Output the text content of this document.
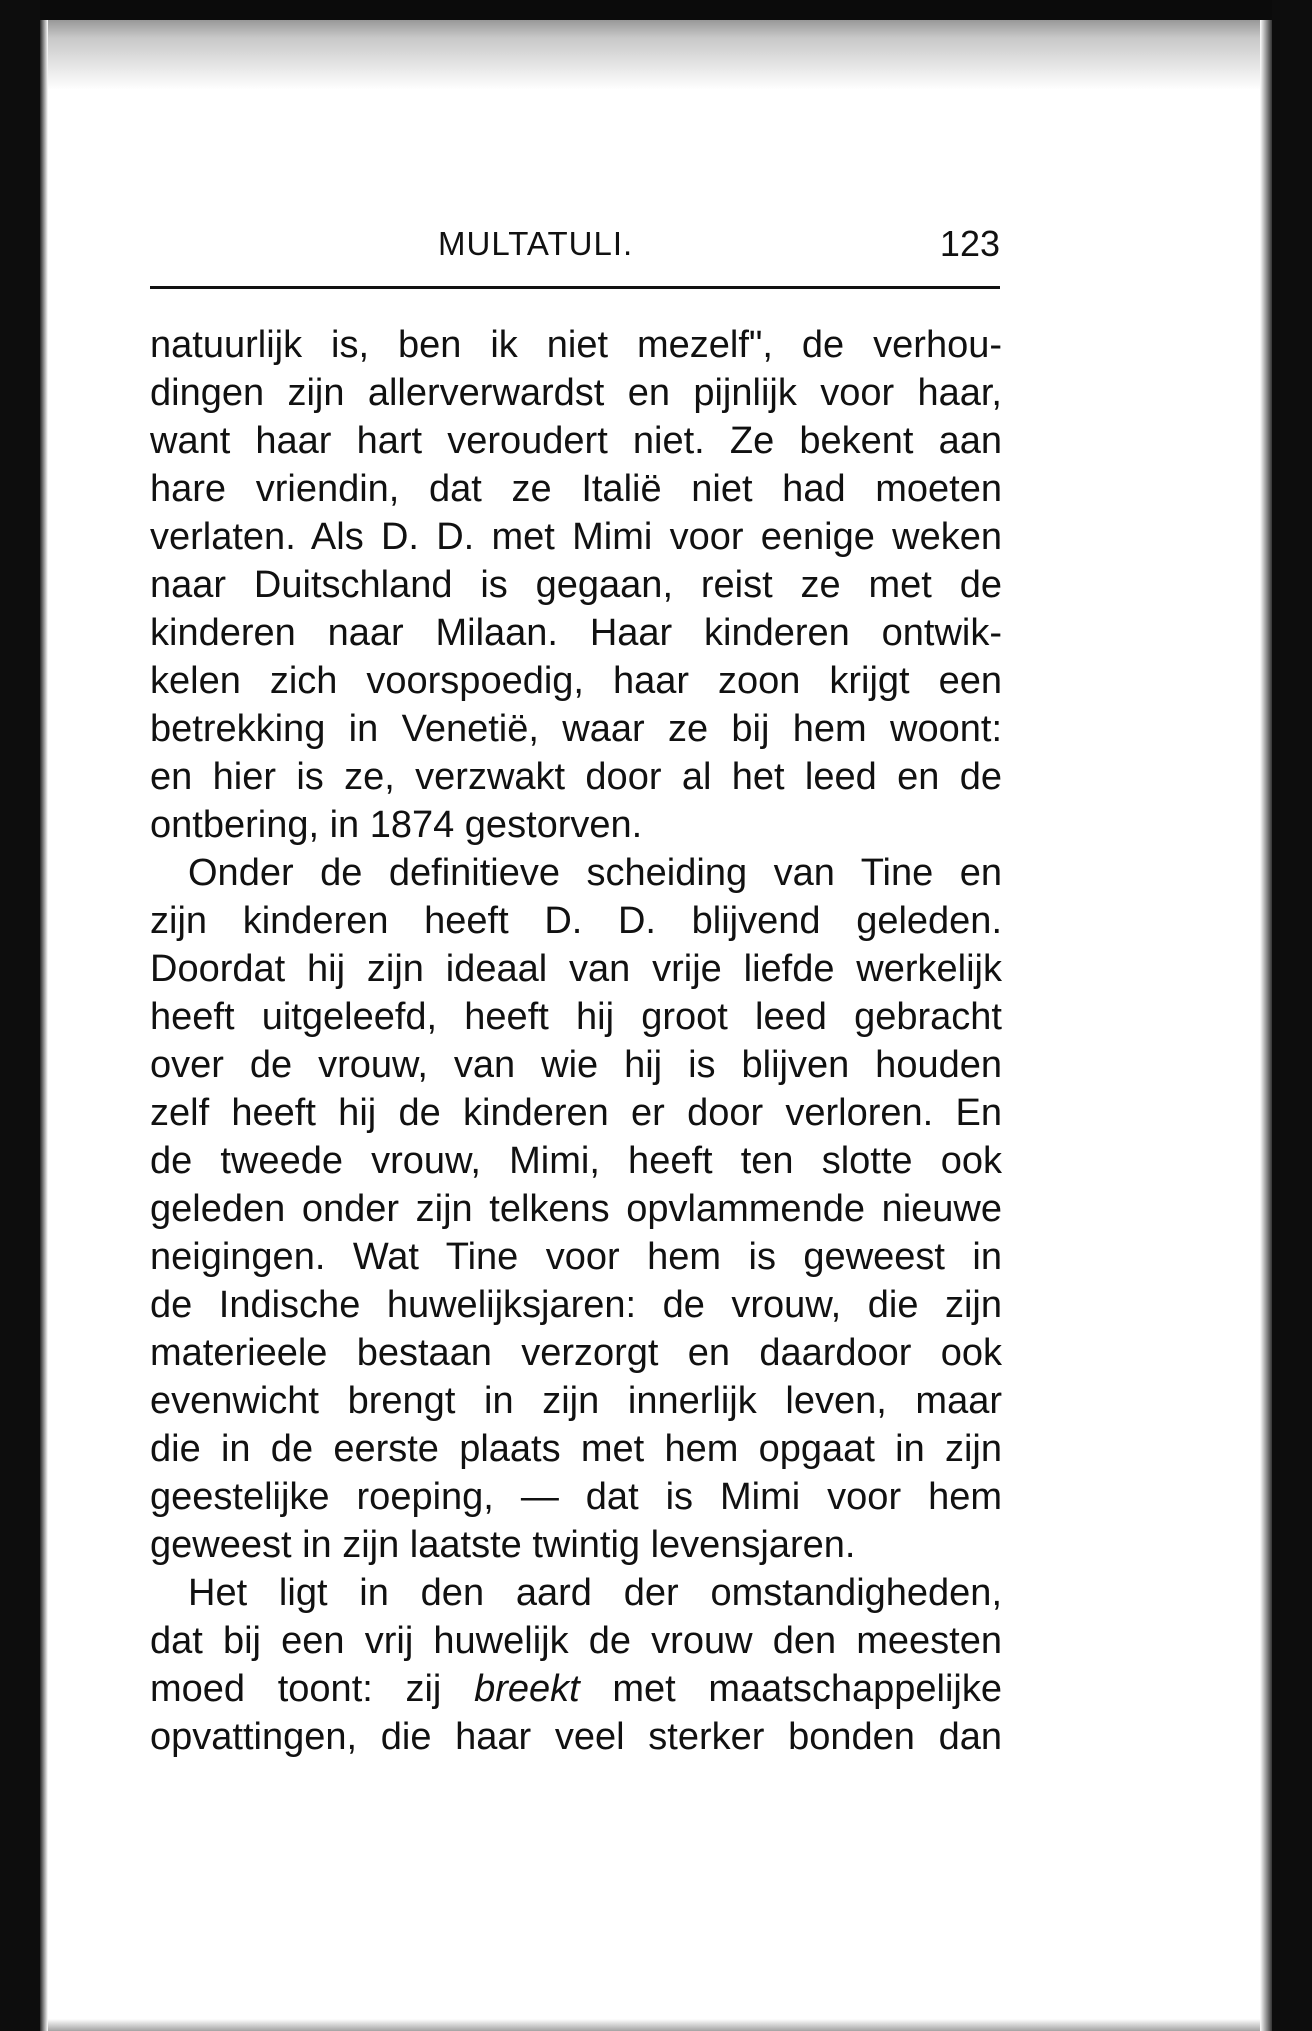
MULTATULI.	123
natuurlijk is, ben ik niet mezelf", de verhou-
dingen zijn allerverwardst en pijnlijk voor haar,
want haar hart veroudert niet. Ze bekent aan
hare vriendin, dat ze Italië niet had moeten
verlaten. Als D. D. met Mimi voor eenige weken
naar Duitschland is gegaan, reist ze met de
kinderen naar Milaan. Haar kinderen ontwik-
kelen zich voorspoedig, haar zoon krijgt een
betrekking in Venetië, waar ze bij hem woont:
en hier is ze, verzwakt door al het leed en de
ontbering, in 1874 gestorven.
Onder de definitieve scheiding van Tine en
zijn kinderen heeft D. D. blijvend geleden.
Doordat hij zijn ideaal van vrije liefde werkelijk
heeft uitgeleefd, heeft hij groot leed gebracht
over de vrouw, van wie hij is blijven houden
zelf heeft hij de kinderen er door verloren. En
de tweede vrouw, Mimi, heeft ten slotte ook
geleden onder zijn telkens opvlammende nieuwe
neigingen. Wat Tine voor hem is geweest in
de Indische huwelijksjaren: de vrouw, die zijn
materieele bestaan verzorgt en daardoor ook
evenwicht brengt in zijn innerlijk leven, maar
die in de eerste plaats met hem opgaat in zijn
geestelijke roeping, — dat is Mimi voor hem
geweest in zijn laatste twintig levensjaren.
Het ligt in den aard der omstandigheden,
dat bij een vrij huwelijk de vrouw den meesten
moed toont: zij breekt met maatschappelijke
opvattingen, die haar veel sterker bonden dan
